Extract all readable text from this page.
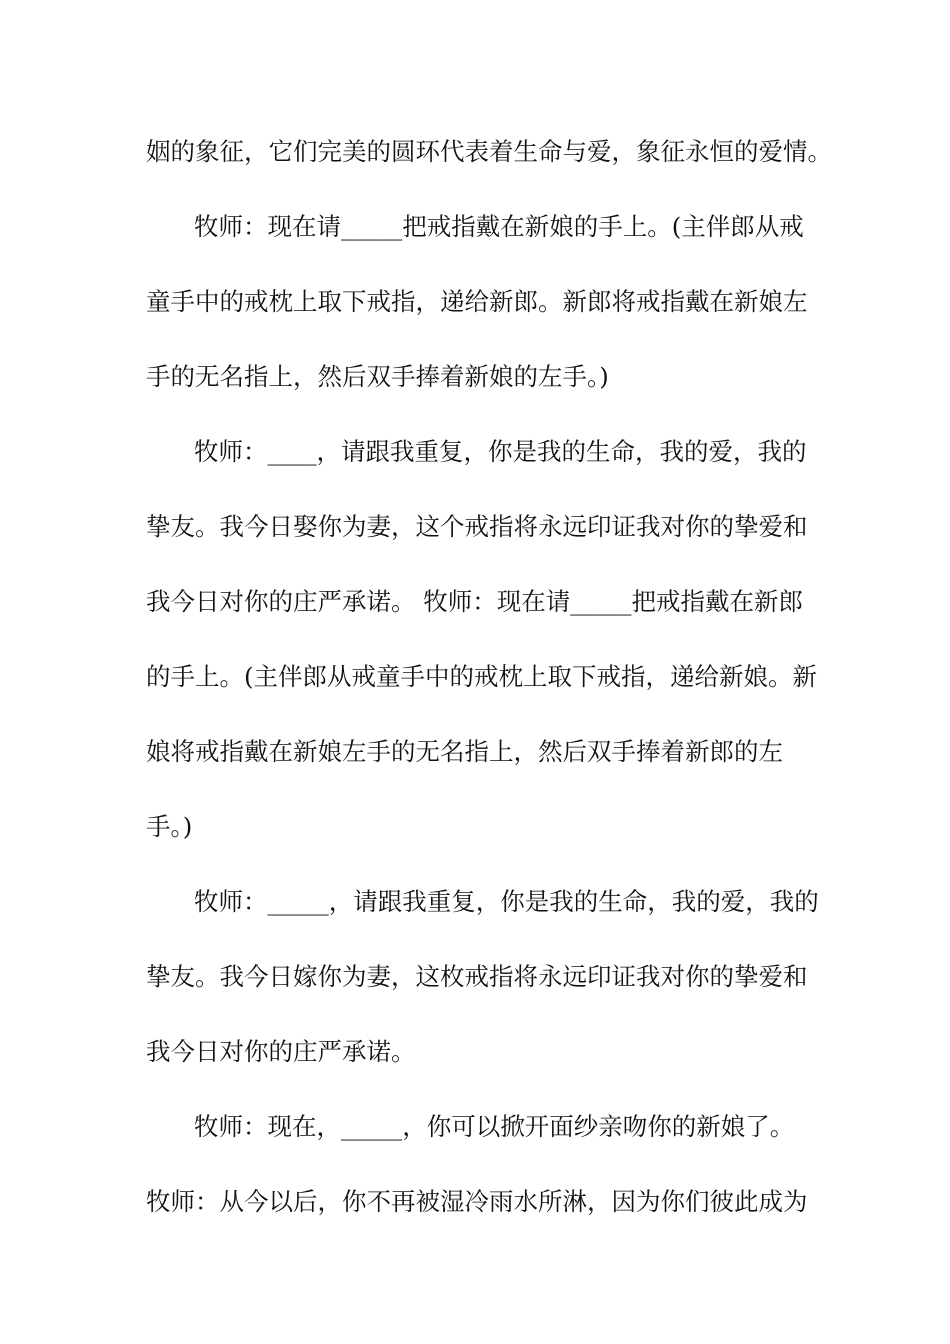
姻的象征，它们完美的圆环代表着生命与爱，象征永恒的爱情。
牧师：现在请_____把戒指戴在新娘的手上。(主伴郎从戒
童手中的戒枕上取下戒指，递给新郎。新郎将戒指戴在新娘左
手的无名指上，然后双手捧着新娘的左手。)
牧师：____，请跟我重复，你是我的生命，我的爱，我的
挚友。我今日娶你为妻，这个戒指将永远印证我对你的挚爱和
我今日对你的庄严承诺。 牧师：现在请_____把戒指戴在新郎
的手上。(主伴郎从戒童手中的戒枕上取下戒指，递给新娘。新
娘将戒指戴在新娘左手的无名指上，然后双手捧着新郎的左
手。)
牧师：_____，请跟我重复，你是我的生命，我的爱，我的
挚友。我今日嫁你为妻，这枚戒指将永远印证我对你的挚爱和
我今日对你的庄严承诺。
牧师：现在，_____，你可以掀开面纱亲吻你的新娘了。
牧师：从今以后，你不再被湿冷雨水所淋，因为你们彼此成为
